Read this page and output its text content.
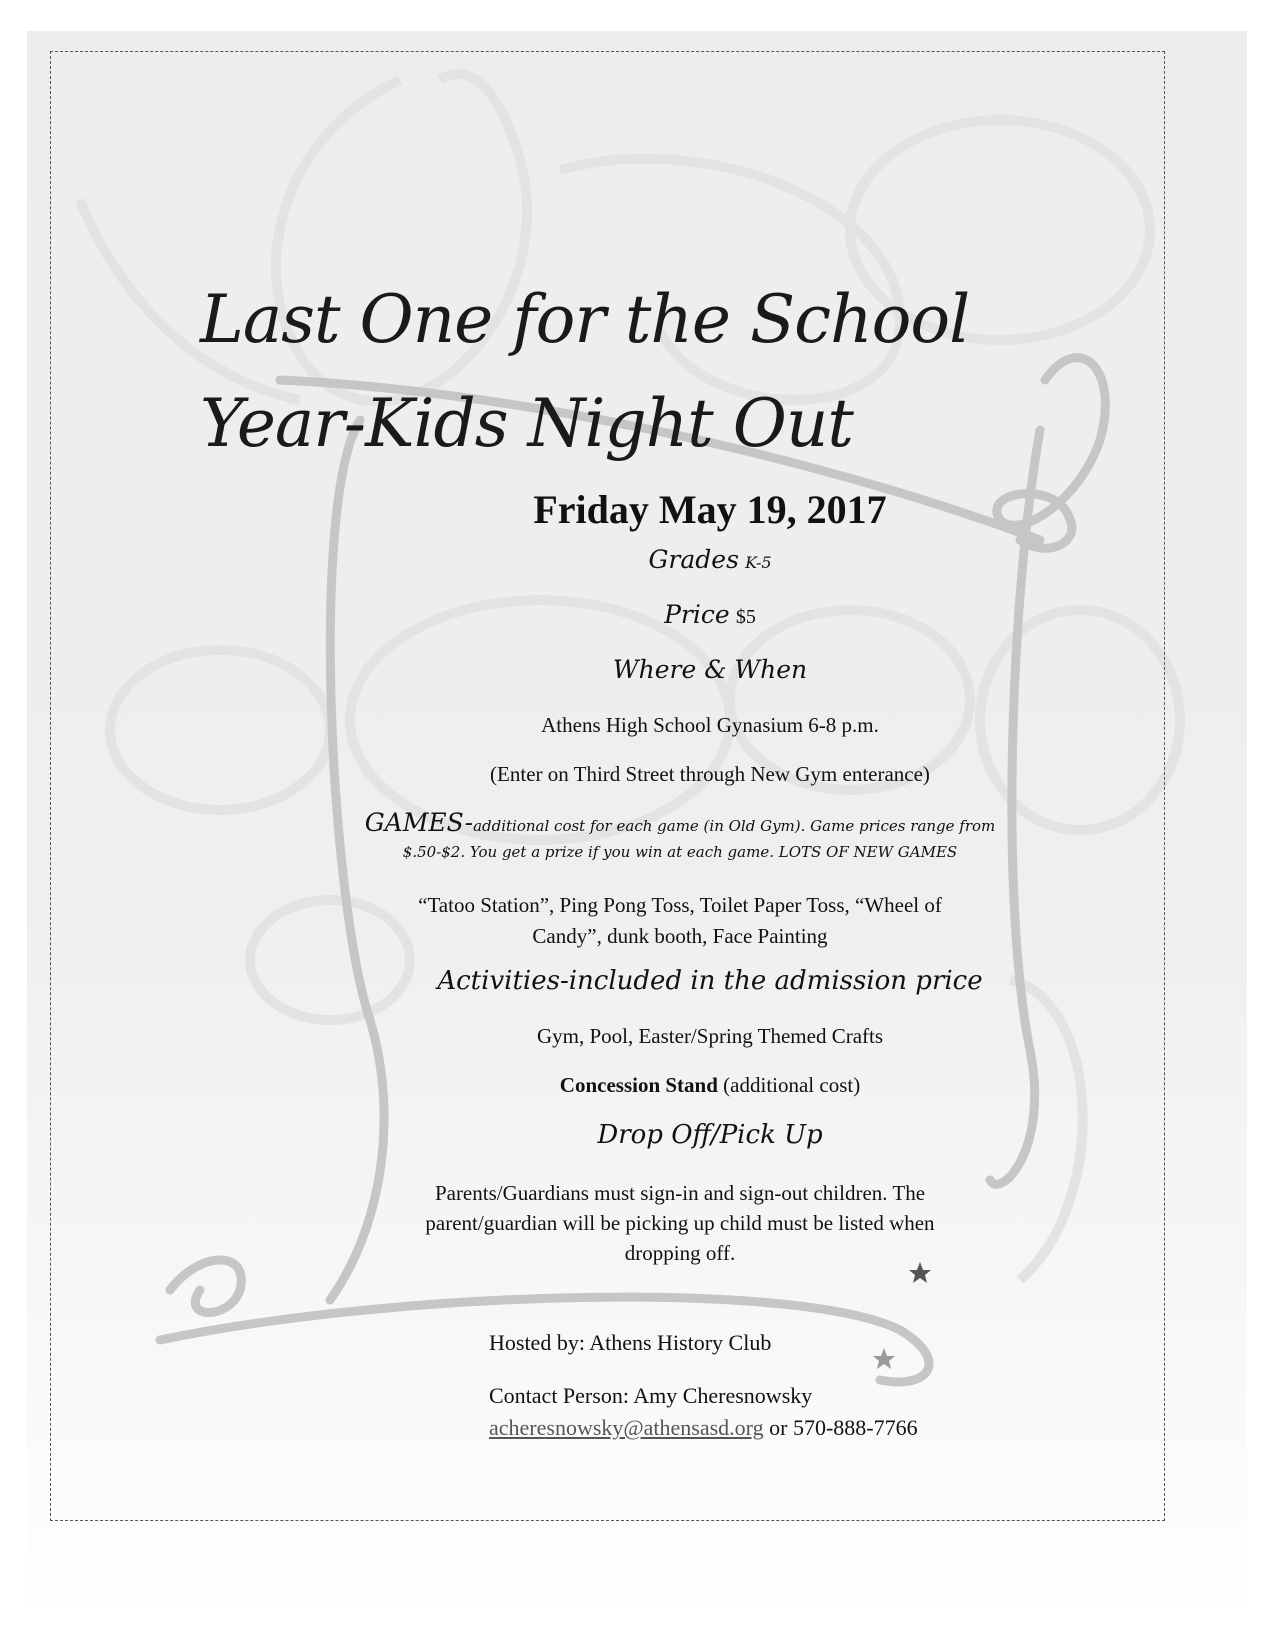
Last One for the School
Year-Kids Night Out
Friday May 19, 2017
Grades K-5
Price $5
Where & When
Athens High School Gynasium 6-8 p.m.
(Enter on Third Street through New Gym enterance)
GAMES-additional cost for each game (in Old Gym). Game prices range from
$.50-$2. You get a prize if you win at each game. LOTS OF NEW GAMES
“Tatoo Station”, Ping Pong Toss, Toilet Paper Toss, “Wheel of
Candy”, dunk booth, Face Painting
Activities-included in the admission price
Gym, Pool, Easter/Spring Themed Crafts
Concession Stand (additional cost)
Drop Off/Pick Up
Parents/Guardians must sign-in and sign-out children. The
parent/guardian will be picking up child must be listed when
dropping off.
Hosted by: Athens History Club
Contact Person: Amy Cheresnowsky
acheresnowsky@athensasd.org or 570-888-7766
